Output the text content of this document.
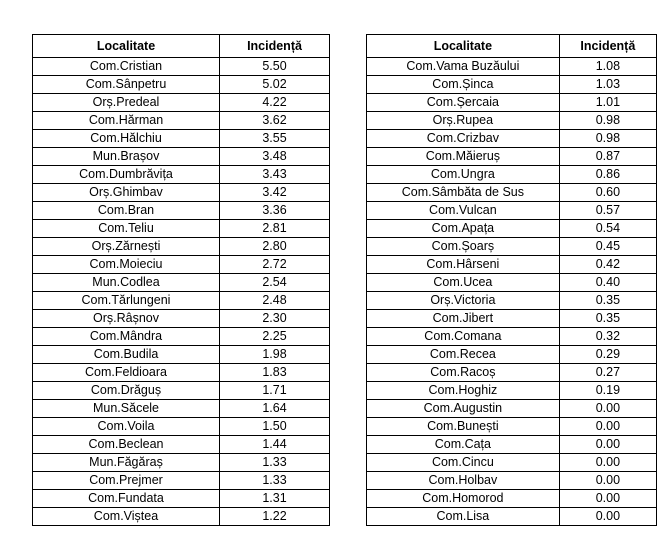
Localitate	Incidență
Com.Cristian	5.50
Com.Sânpetru	5.02
Orș.Predeal	4.22
Com.Hărman	3.62
Com.Hălchiu	3.55
Mun.Brașov	3.48
Com.Dumbrăvița	3.43
Orș.Ghimbav	3.42
Com.Bran	3.36
Com.Teliu	2.81
Orș.Zărnești	2.80
Com.Moieciu	2.72
Mun.Codlea	2.54
Com.Tărlungeni	2.48
Orș.Râșnov	2.30
Com.Mândra	2.25
Com.Budila	1.98
Com.Feldioara	1.83
Com.Drăguș	1.71
Mun.Săcele	1.64
Com.Voila	1.50
Com.Beclean	1.44
Mun.Făgăraș	1.33
Com.Prejmer	1.33
Com.Fundata	1.31
Com.Viștea	1.22
Localitate	Incidență
Com.Vama Buzăului	1.08
Com.Șinca	1.03
Com.Șercaia	1.01
Orș.Rupea	0.98
Com.Crizbav	0.98
Com.Măieruș	0.87
Com.Ungra	0.86
Com.Sâmbăta de Sus	0.60
Com.Vulcan	0.57
Com.Apața	0.54
Com.Șoarș	0.45
Com.Hârseni	0.42
Com.Ucea	0.40
Orș.Victoria	0.35
Com.Jibert	0.35
Com.Comana	0.32
Com.Recea	0.29
Com.Racoș	0.27
Com.Hoghiz	0.19
Com.Augustin	0.00
Com.Bunești	0.00
Com.Cața	0.00
Com.Cincu	0.00
Com.Holbav	0.00
Com.Homorod	0.00
Com.Lisa	0.00
